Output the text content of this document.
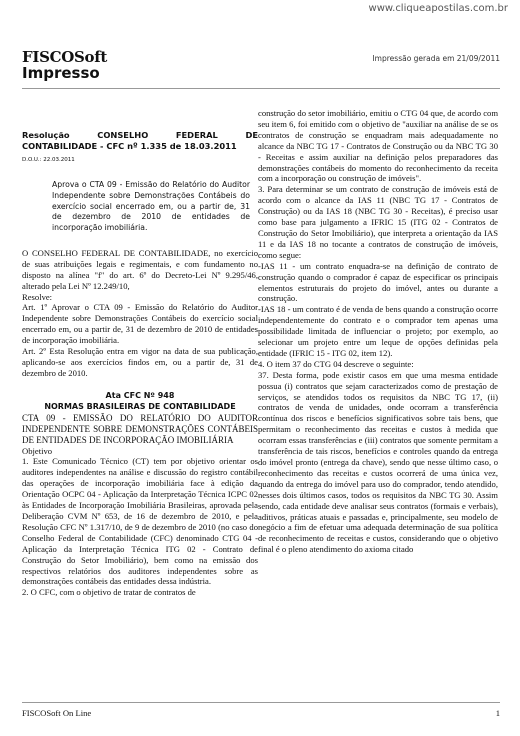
www.cliqueapostilas.com.br
FISCOSoft
Impresso
Impressão gerada em 21/09/2011

Resolução CONSELHO FEDERAL DE

CONTABILIDADE - CFC nº 1.335 de 18.03.2011

D.O.U.: 22.03.2011

Aprova o CTA 09 - Emissão do Relatório do Auditor Independente sobre Demonstrações Contábeis do exercício social encerrado em, ou a partir de, 31 de dezembro de 2010 de entidades de incorporação imobiliária.

O CONSELHO FEDERAL DE CONTABILIDADE, no exercício de suas atribuições legais e regimentais, e com fundamento no disposto na alínea "f" do art. 6º do Decreto-Lei Nº 9.295/46, alterado pela Lei Nº 12.249/10,

Resolve:

Art. 1º Aprovar o CTA 09 - Emissão do Relatório do Auditor Independente sobre Demonstrações Contábeis do exercício social encerrado em, ou a partir de, 31 de dezembro de 2010 de entidades de incorporação imobiliária.

Art. 2º Esta Resolução entra em vigor na data de sua publicação, aplicando-se aos exercícios findos em, ou a partir de, 31 de dezembro de 2010.

Ata CFC Nº 948

NORMAS BRASILEIRAS DE CONTABILIDADE

CTA 09 - EMISSÃO DO RELATÓRIO DO AUDITOR INDEPENDENTE SOBRE DEMONSTRAÇÕES CONTÁBEIS DE ENTIDADES DE INCORPORAÇÃO IMOBILIÁRIA

Objetivo

1. Este Comunicado Técnico (CT) tem por objetivo orientar os auditores independentes na análise e discussão do registro contábil das operações de incorporação imobiliária face à edição da Orientação OCPC 04 - Aplicação da Interpretação Técnica ICPC 02 às Entidades de Incorporação Imobiliária Brasileiras, aprovada pela Deliberação CVM Nº 653, de 16 de dezembro de 2010, e pela Resolução CFC Nº 1.317/10, de 9 de dezembro de 2010 (no caso do Conselho Federal de Contabilidade (CFC) denominado CTG 04 - Aplicação da Interpretação Técnica ITG 02 - Contrato de Construção do Setor Imobiliário), bem como na emissão dos respectivos relatórios dos auditores independentes sobre as demonstrações contábeis das entidades dessa indústria.

2. O CFC, com o objetivo de tratar de contratos de

construção do setor imobiliário, emitiu o CTG 04 que, de acordo com seu item 6, foi emitido com o objetivo de "auxiliar na análise de se os contratos de construção se enquadram mais adequadamente no alcance da NBC TG 17 - Contratos de Construção ou da NBC TG 30 - Receitas e assim auxiliar na definição pelos preparadores das demonstrações contábeis do momento do reconhecimento da receita com a incorporação ou construção de imóveis".

3. Para determinar se um contrato de construção de imóveis está de acordo com o alcance da IAS 11 (NBC TG 17 - Contratos de Construção) ou da IAS 18 (NBC TG 30 - Receitas), é preciso usar como base para julgamento a IFRIC 15 (ITG 02 - Contratos de Construção do Setor Imobiliário), que interpreta a orientação da IAS 11 e da IAS 18 no tocante a contratos de construção de imóveis, como segue:

-IAS 11 - um contrato enquadra-se na definição de contrato de construção quando o comprador é capaz de especificar os principais elementos estruturais do projeto do imóvel, antes ou durante a construção.

-IAS 18 - um contrato é de venda de bens quando a construção ocorre independentemente do contrato e o comprador tem apenas uma possibilidade limitada de influenciar o projeto; por exemplo, ao selecionar um projeto entre um leque de opções definidas pela entidade (IFRIC 15 - ITG 02, item 12).

4. O item 37 do CTG 04 descreve o seguinte:

37. Desta forma, pode existir casos em que uma mesma entidade possua (i) contratos que sejam caracterizados como de prestação de serviços, se atendidos todos os requisitos da NBC TG 17, (ii) contratos de venda de unidades, onde ocorram a transferência contínua dos riscos e benefícios significativos sobre tais bens, que permitam o reconhecimento das receitas e custos à medida que ocorram essas transferências e (iii) contratos que somente permitam a transferência de tais riscos, benefícios e controles quando da entrega do imóvel pronto (entrega da chave), sendo que nesse último caso, o reconhecimento das receitas e custos ocorrerá de uma única vez, quando da entrega do imóvel para uso do comprador, tendo atendido, nesses dois últimos casos, todos os requisitos da NBC TG 30. Assim sendo, cada entidade deve analisar seus contratos (formais e verbais), aditivos, práticas atuais e passadas e, principalmente, seu modelo de negócio a fim de efetuar uma adequada determinação de sua política de reconhecimento de receitas e custos, considerando que o objetivo final é o pleno atendimento do axioma citado

FISCOSoft On Line	1
